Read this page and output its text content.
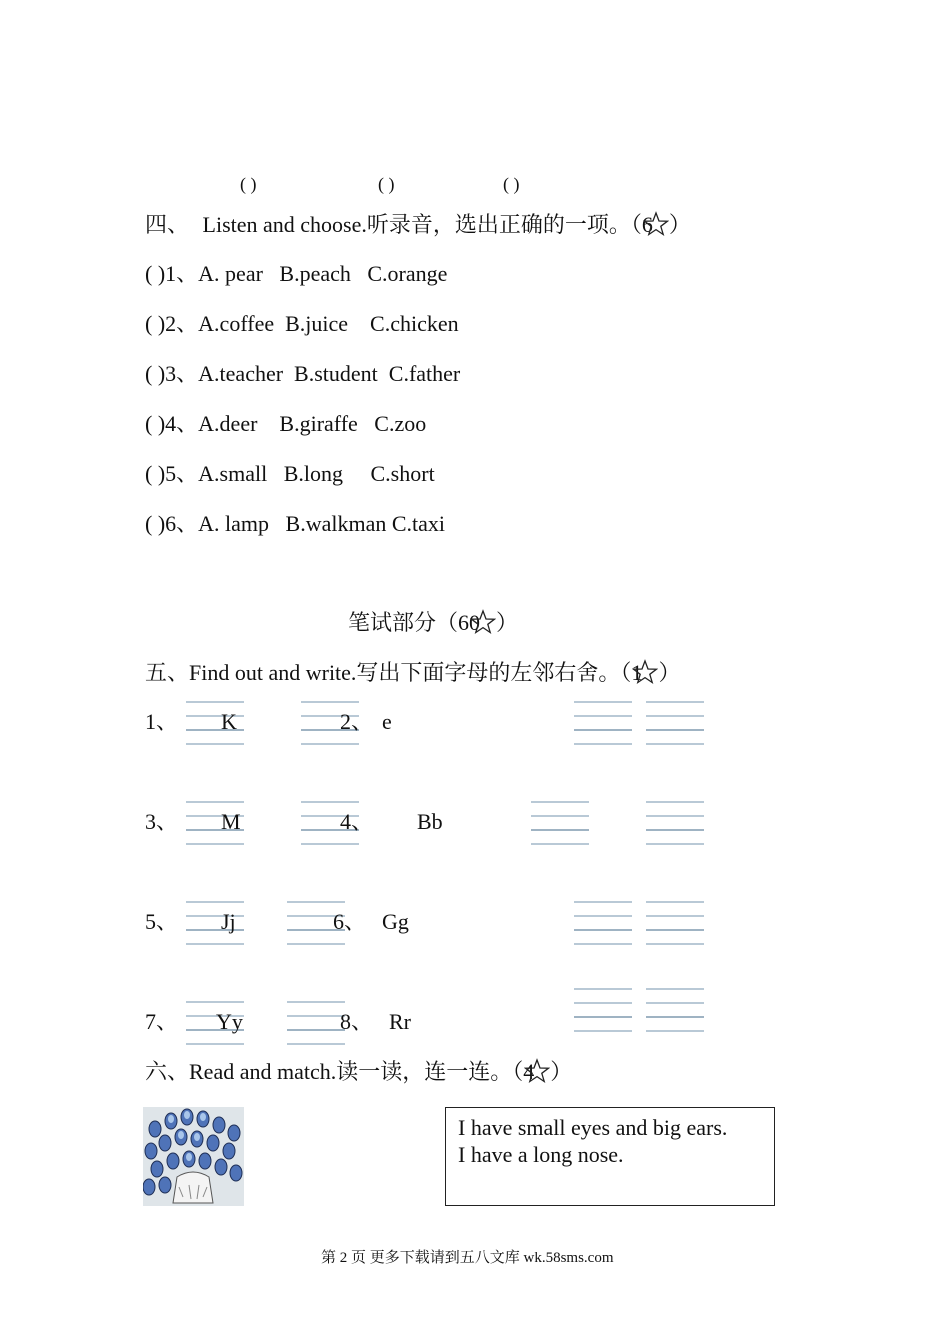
( )	( )	( )
四、 Listen and choose.听录音，选出正确的一项。（6 ）
( )1、A. pear   B.peach   C.orange
( )2、A.coffee  B.juice    C.chicken
( )3、A.teacher  B.student  C.father
( )4、A.deer    B.giraffe   C.zoo
( )5、A.small   B.long     C.short
( )6、A. lamp   B.walkman C.taxi
笔试部分（60 ）
五、Find out and write.写出下面字母的左邻右舍。（1 ）
1、 K	2、 e
3、 M	4、 Bb
5、 Jj	6、 Gg
7、 Yy	8、 Rr
六、Read and match.读一读，连一连。（4 ）
I have small eyes and big ears.
I have a long nose.
第 2 页 更多下载请到五八文库 wk.58sms.com
